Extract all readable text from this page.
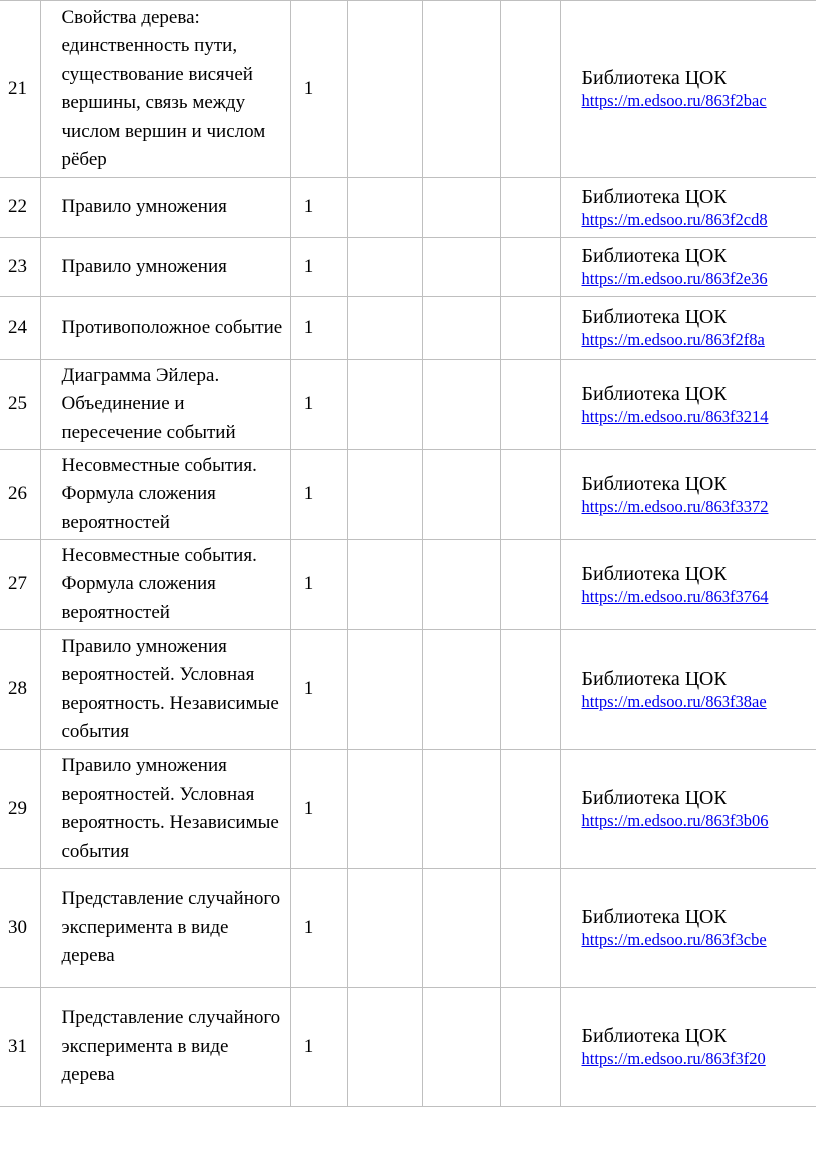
21	Свойства дерева: единственность пути, существование висячей вершины, связь между числом вершин и числом рёбер	1				Библиотека ЦОК
https://m.edsoo.ru/863f2bac

22	Правило умножения	1				Библиотека ЦОК
https://m.edsoo.ru/863f2cd8

23	Правило умножения	1				Библиотека ЦОК
https://m.edsoo.ru/863f2e36

24	Противоположное событие	1				Библиотека ЦОК
https://m.edsoo.ru/863f2f8a

25	Диаграмма Эйлера. Объединение и пересечение событий	1				Библиотека ЦОК
https://m.edsoo.ru/863f3214

26	Несовместные события. Формула сложения вероятностей	1				Библиотека ЦОК
https://m.edsoo.ru/863f3372

27	Несовместные события. Формула сложения вероятностей	1				Библиотека ЦОК
https://m.edsoo.ru/863f3764

28	Правило умножения вероятностей. Условная вероятность. Независимые события	1				Библиотека ЦОК
https://m.edsoo.ru/863f38ae

29	Правило умножения вероятностей. Условная вероятность. Независимые события	1				Библиотека ЦОК
https://m.edsoo.ru/863f3b06

30	Представление случайного эксперимента в виде дерева	1				Библиотека ЦОК
https://m.edsoo.ru/863f3cbe

31	Представление случайного эксперимента в виде дерева	1				Библиотека ЦОК
https://m.edsoo.ru/863f3f20
